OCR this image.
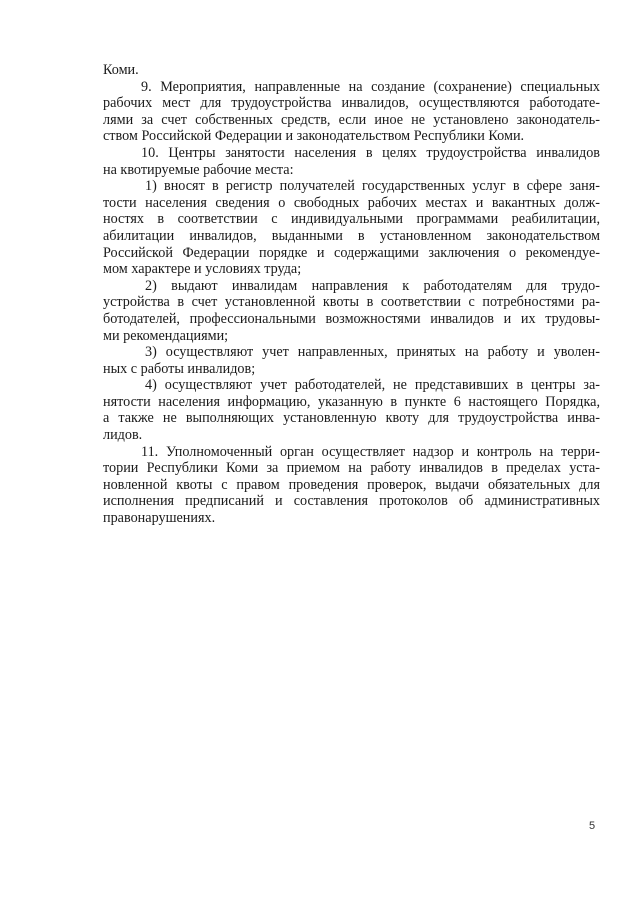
Коми.
9. Мероприятия, направленные на создание (сохранение) специальных
рабочих мест для трудоустройства инвалидов, осуществляются работодате-
лями за счет собственных средств, если иное не установлено законодатель-
ством Российской Федерации и законодательством Республики Коми.
10. Центры занятости населения в целях трудоустройства инвалидов
на квотируемые рабочие места:
1) вносят в регистр получателей государственных услуг в сфере заня-
тости населения сведения о свободных рабочих местах и вакантных долж-
ностях в соответствии с индивидуальными программами реабилитации,
абилитации инвалидов, выданными в установленном законодательством
Российской Федерации порядке и содержащими заключения о рекомендуе-
мом характере и условиях труда;
2) выдают инвалидам направления к работодателям для трудо-
устройства в счет установленной квоты в соответствии с потребностями ра-
ботодателей, профессиональными возможностями инвалидов и их трудовы-
ми рекомендациями;
3) осуществляют учет направленных, принятых на работу и уволен-
ных с работы инвалидов;
4) осуществляют учет работодателей, не представивших в центры за-
нятости населения информацию, указанную в пункте 6 настоящего Порядка,
а также не выполняющих установленную квоту для трудоустройства инва-
лидов.
11. Уполномоченный орган осуществляет надзор и контроль на терри-
тории Республики Коми за приемом на работу инвалидов в пределах уста-
новленной квоты с правом проведения проверок, выдачи обязательных для
исполнения предписаний и составления протоколов об административных
правонарушениях.
5
